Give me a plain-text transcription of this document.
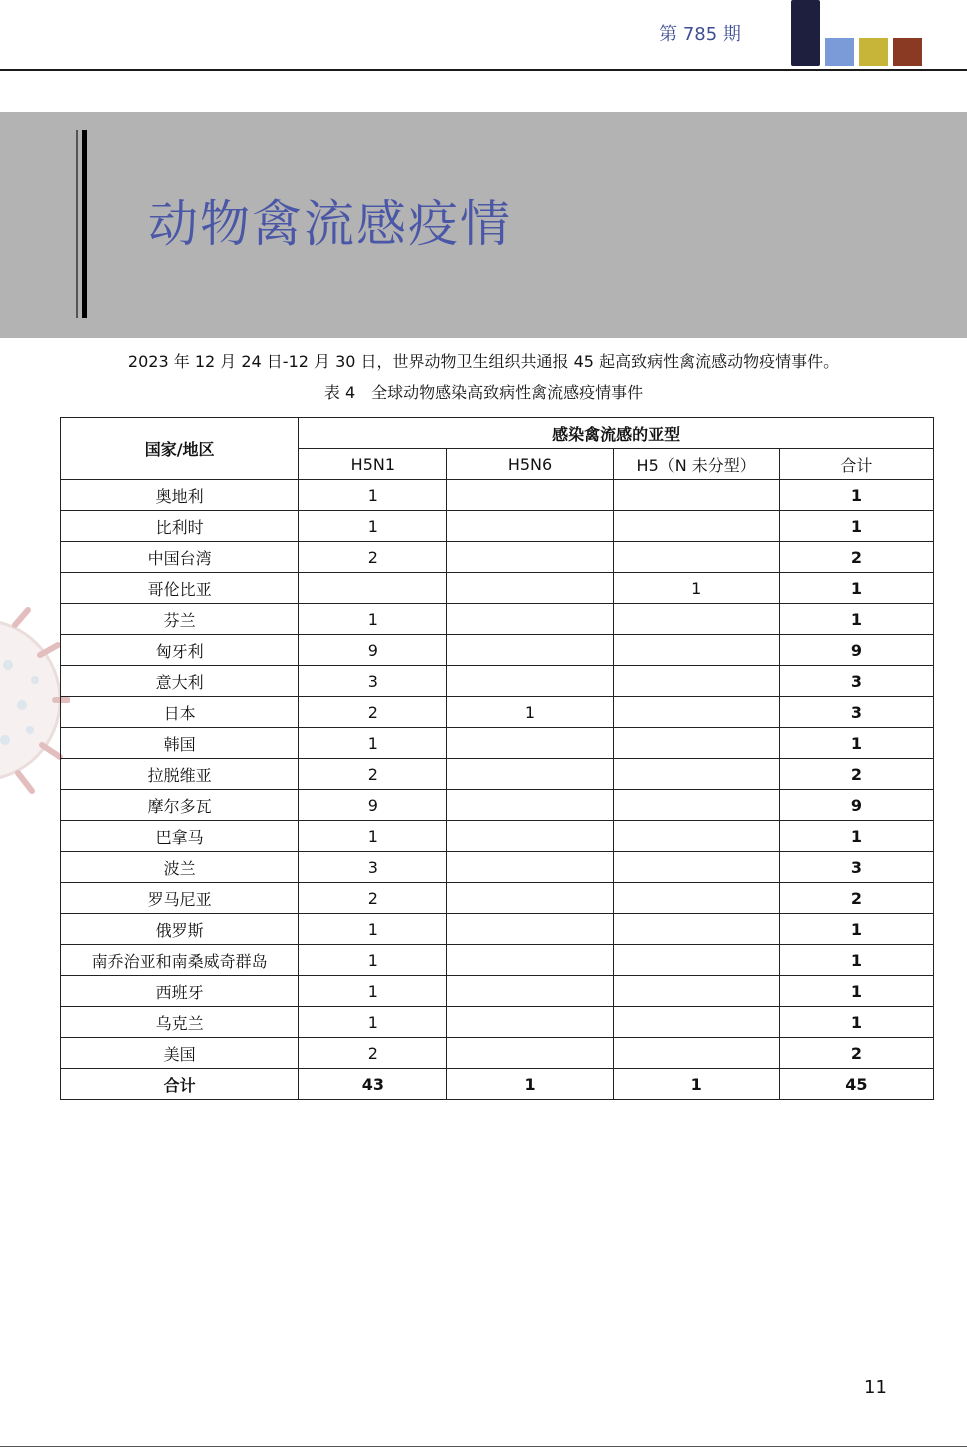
第 785 期
动物禽流感疫情
2023 年 12 月 24 日-12 月 30 日，世界动物卫生组织共通报 45 起高致病性禽流感动物疫情事件。
表 4　全球动物感染高致病性禽流感疫情事件
国家/地区	感染禽流感的亚型			
	H5N1	H5N6	H5（N 未分型）	合计
奥地利	1			1
比利时	1			1
中国台湾	2			2
哥伦比亚			1	1
芬兰	1			1
匈牙利	9			9
意大利	3			3
日本	2	1		3
韩国	1			1
拉脱维亚	2			2
摩尔多瓦	9			9
巴拿马	1			1
波兰	3			3
罗马尼亚	2			2
俄罗斯	1			1
南乔治亚和南桑威奇群岛	1			1
西班牙	1			1
乌克兰	1			1
美国	2			2
合计	43	1	1	45
11
